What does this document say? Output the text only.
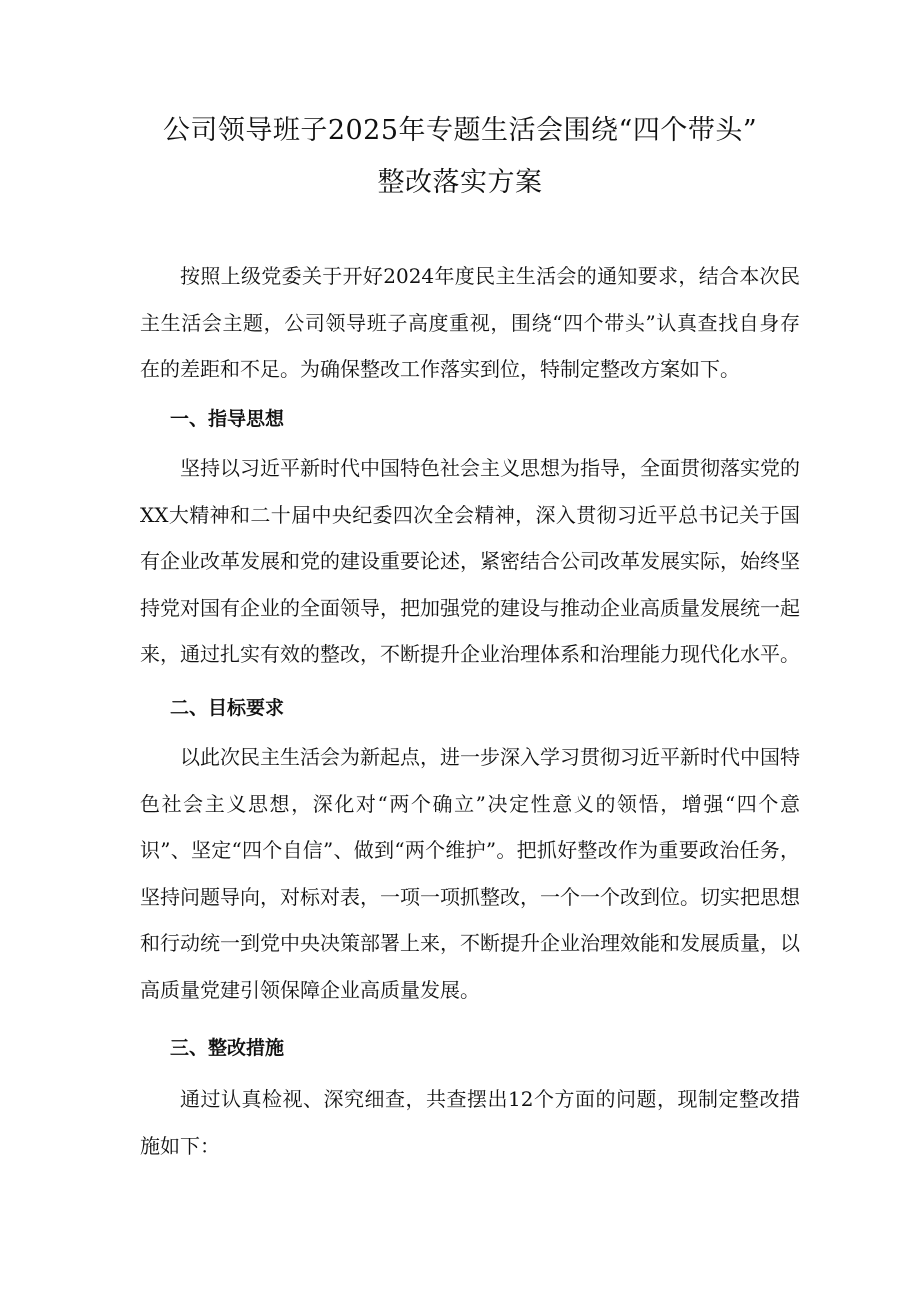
公司领导班子2025年专题生活会围绕“四个带头”
整改落实方案

按照上级党委关于开好2024年度民主生活会的通知要求，结合本次民主生活会主题，公司领导班子高度重视，围绕“四个带头”认真查找自身存在的差距和不足。为确保整改工作落实到位，特制定整改方案如下。

一、指导思想

坚持以习近平新时代中国特色社会主义思想为指导，全面贯彻落实党的XX大精神和二十届中央纪委四次全会精神，深入贯彻习近平总书记关于国有企业改革发展和党的建设重要论述，紧密结合公司改革发展实际，始终坚持党对国有企业的全面领导，把加强党的建设与推动企业高质量发展统一起来，通过扎实有效的整改，不断提升企业治理体系和治理能力现代化水平。

二、目标要求

以此次民主生活会为新起点，进一步深入学习贯彻习近平新时代中国特色社会主义思想，深化对“两个确立”决定性意义的领悟，增强“四个意识”、坚定“四个自信”、做到“两个维护”。把抓好整改作为重要政治任务，坚持问题导向，对标对表，一项一项抓整改，一个一个改到位。切实把思想和行动统一到党中央决策部署上来，不断提升企业治理效能和发展质量，以高质量党建引领保障企业高质量发展。

三、整改措施

通过认真检视、深究细查，共查摆出12个方面的问题，现制定整改措施如下：
